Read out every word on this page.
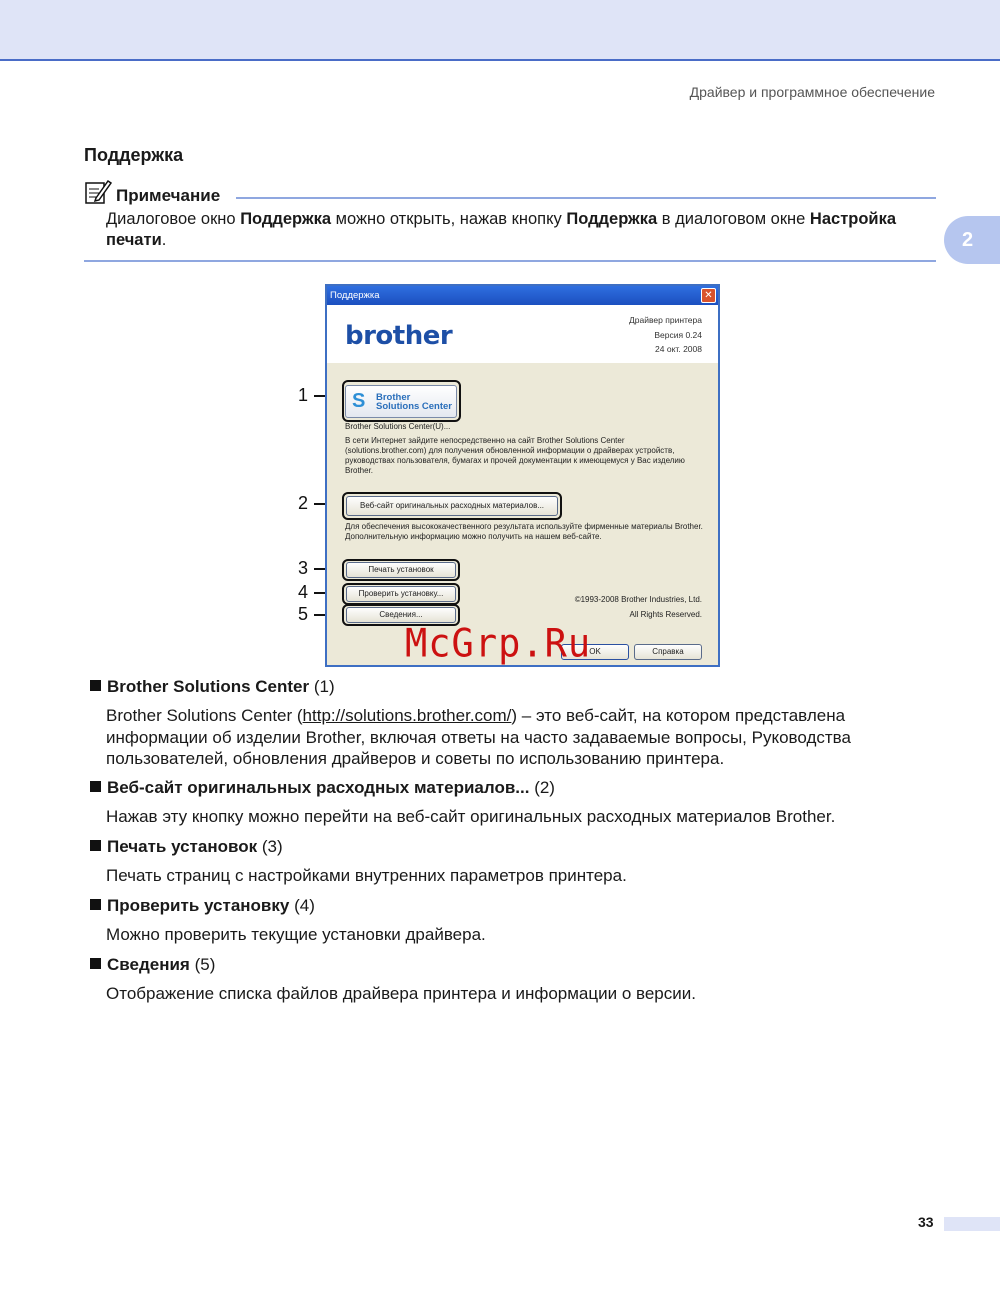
Драйвер и программное обеспечение
2
Поддержка
Примечание
Диалоговое окно Поддержка можно открыть, нажав кнопку Поддержка в диалоговом окне Настройка печати.
1
2
3
4
5
Поддержка	✕
brother
Драйвер принтера
Версия 0.24
24 окт. 2008
S Brother
Solutions Center
Brother Solutions Center(U)...
В сети Интернет зайдите непосредственно на сайт Brother Solutions Center (solutions.brother.com) для получения обновленной информации о драйверах устройств, руководствах пользователя, бумагах и прочей документации к имеющемуся у Вас изделию Brother.
Веб-сайт оригинальных расходных материалов...
Для обеспечения высококачественного результата используйте фирменные материалы Brother. Дополнительную информацию можно получить на нашем веб-сайте.
Печать установок
Проверить установку...
Сведения...
©1993-2008 Brother Industries, Ltd.
All Rights Reserved.
OK	Справка
McGrp.Ru
Brother Solutions Center (1)
Brother Solutions Center (http://solutions.brother.com/) – это веб-сайт, на котором представлена информации об изделии Brother, включая ответы на часто задаваемые вопросы, Руководства пользователей, обновления драйверов и советы по использованию принтера.
Веб-сайт оригинальных расходных материалов... (2)
Нажав эту кнопку можно перейти на веб-сайт оригинальных расходных материалов Brother.
Печать установок (3)
Печать страниц с настройками внутренних параметров принтера.
Проверить установку (4)
Можно проверить текущие установки драйвера.
Сведения (5)
Отображение списка файлов драйвера принтера и информации о версии.
33
